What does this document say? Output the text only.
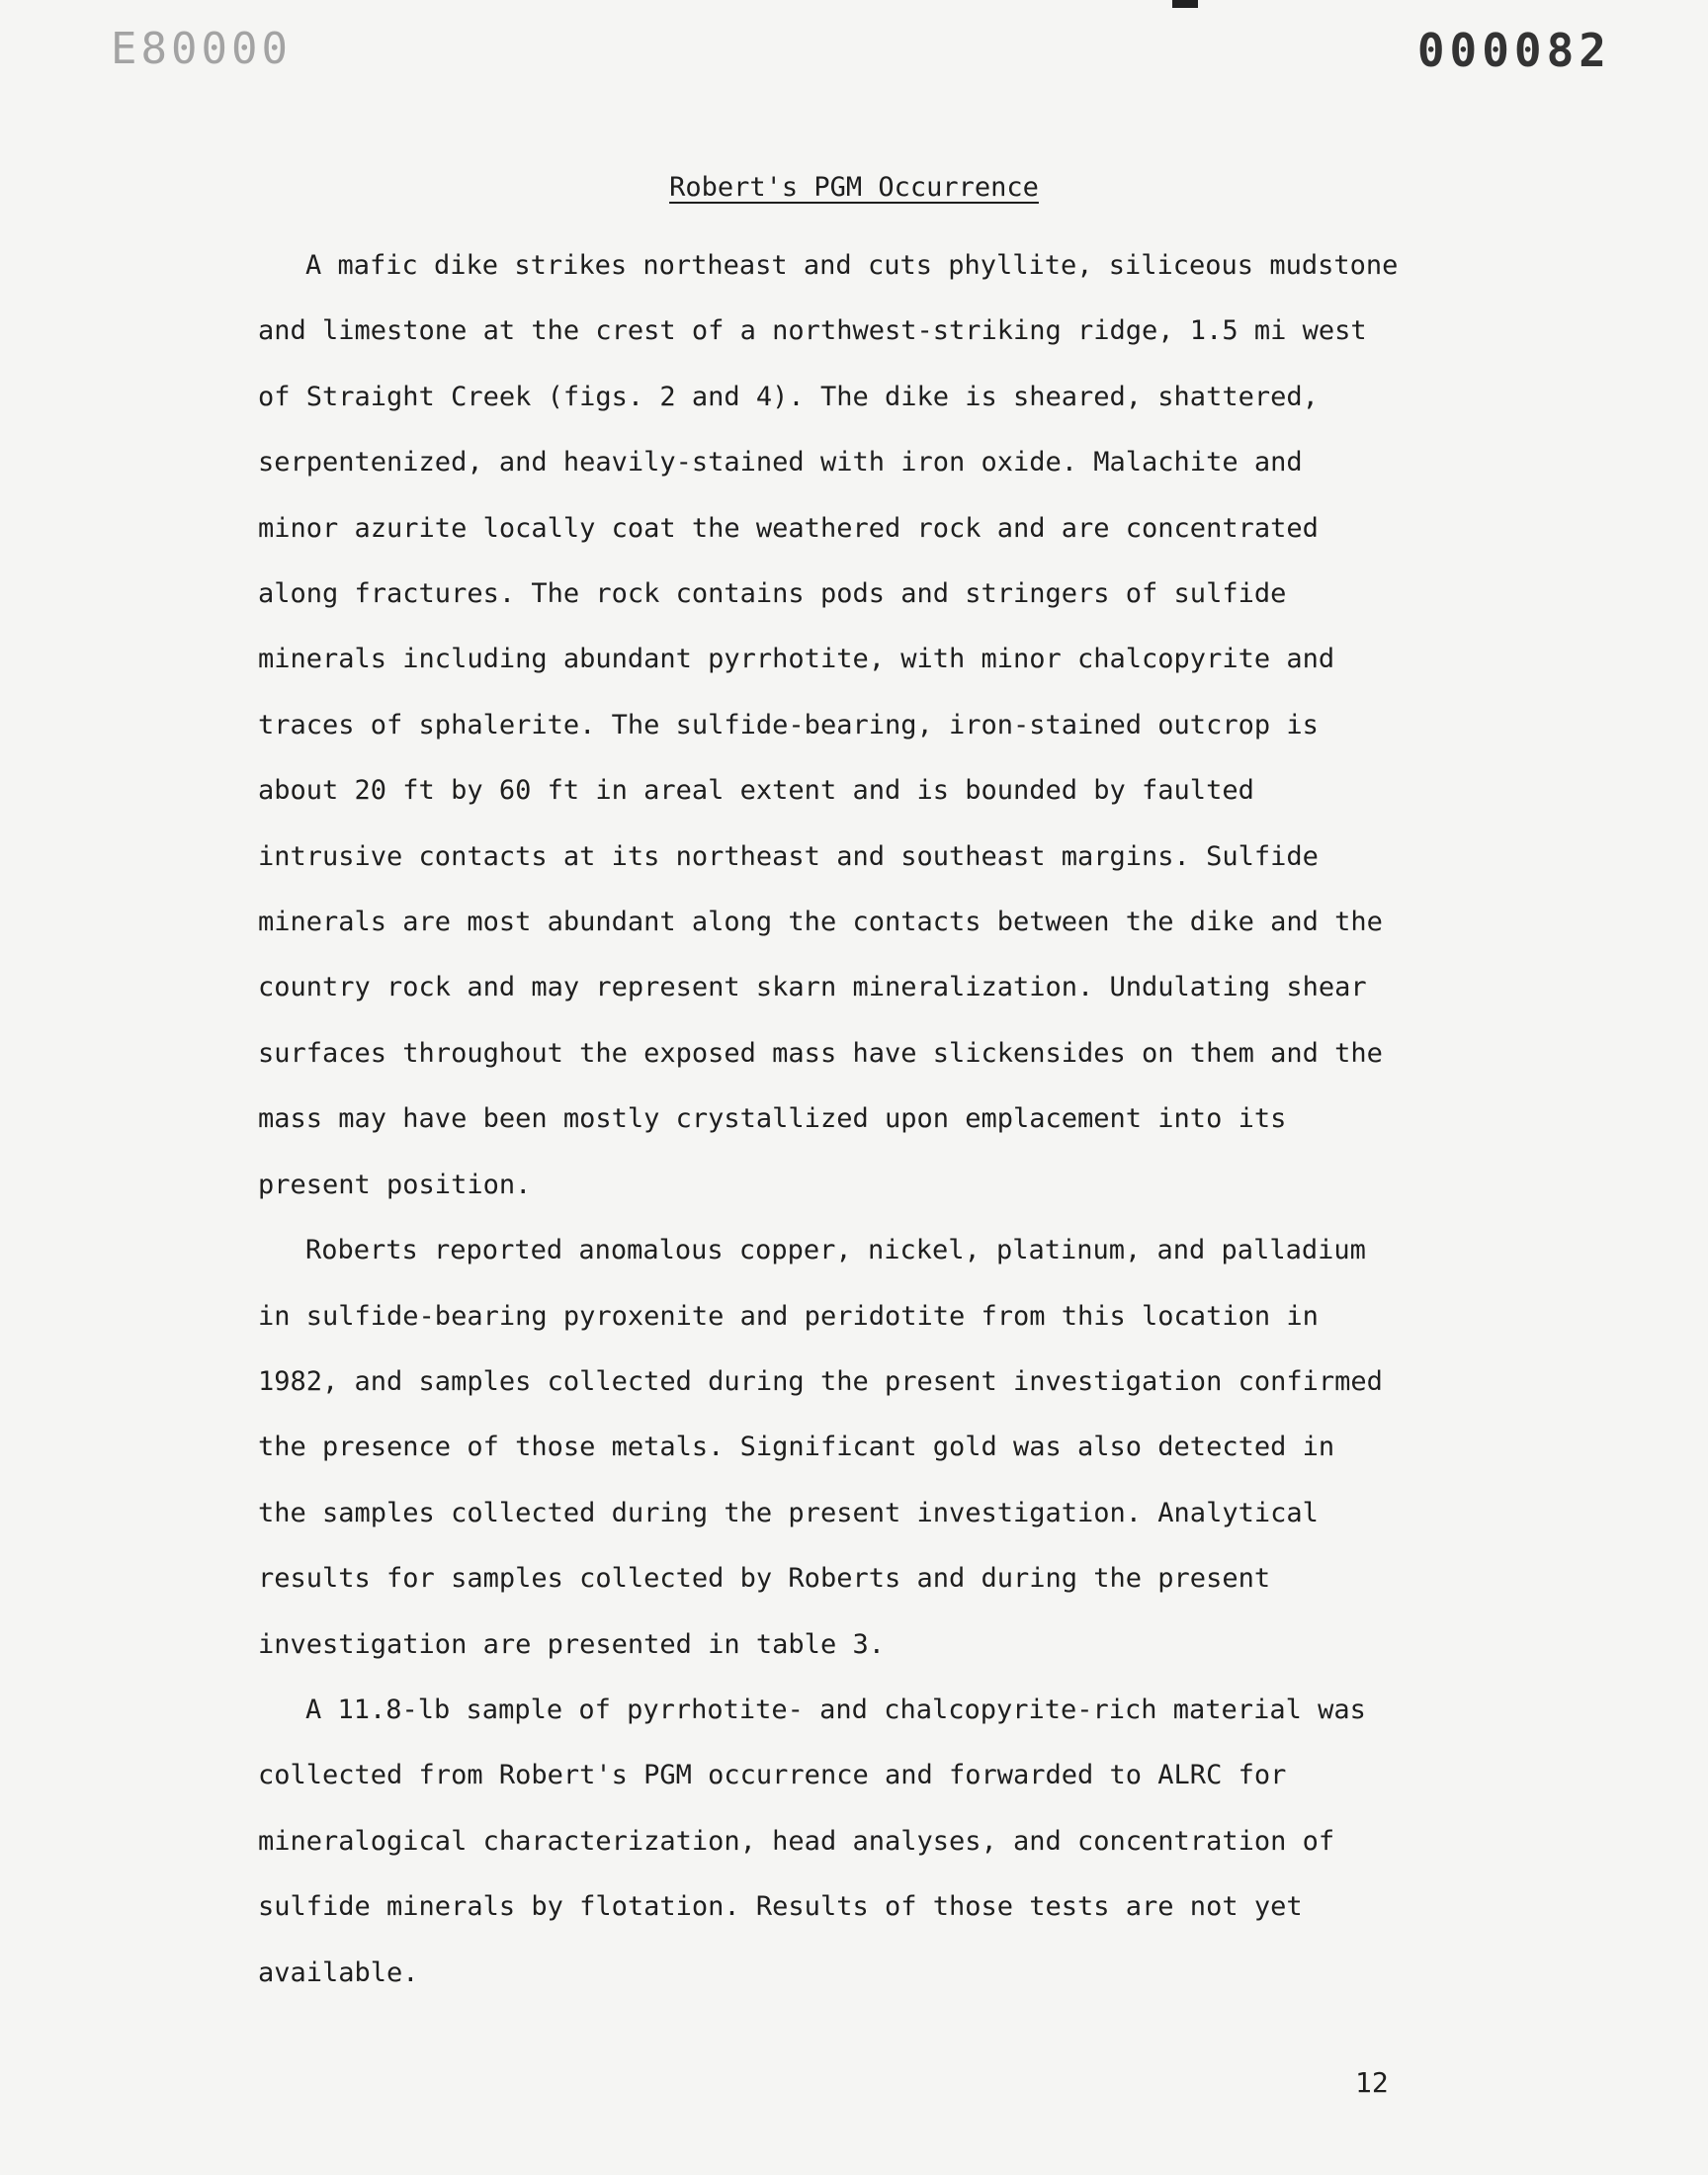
E80000	000082
Robert's PGM Occurrence

A mafic dike strikes northeast and cuts phyllite, siliceous mudstone
and limestone at the crest of a northwest-striking ridge, 1.5 mi west
of Straight Creek (figs. 2 and 4). The dike is sheared, shattered,
serpentenized, and heavily-stained with iron oxide. Malachite and
minor azurite locally coat the weathered rock and are concentrated
along fractures. The rock contains pods and stringers of sulfide
minerals including abundant pyrrhotite, with minor chalcopyrite and
traces of sphalerite. The sulfide-bearing, iron-stained outcrop is
about 20 ft by 60 ft in areal extent and is bounded by faulted
intrusive contacts at its northeast and southeast margins. Sulfide
minerals are most abundant along the contacts between the dike and the
country rock and may represent skarn mineralization. Undulating shear
surfaces throughout the exposed mass have slickensides on them and the
mass may have been mostly crystallized upon emplacement into its
present position.

Roberts reported anomalous copper, nickel, platinum, and palladium
in sulfide-bearing pyroxenite and peridotite from this location in
1982, and samples collected during the present investigation confirmed
the presence of those metals. Significant gold was also detected in
the samples collected during the present investigation. Analytical
results for samples collected by Roberts and during the present
investigation are presented in table 3.

A 11.8-lb sample of pyrrhotite- and chalcopyrite-rich material was
collected from Robert's PGM occurrence and forwarded to ALRC for
mineralogical characterization, head analyses, and concentration of
sulfide minerals by flotation. Results of those tests are not yet
available.

12
